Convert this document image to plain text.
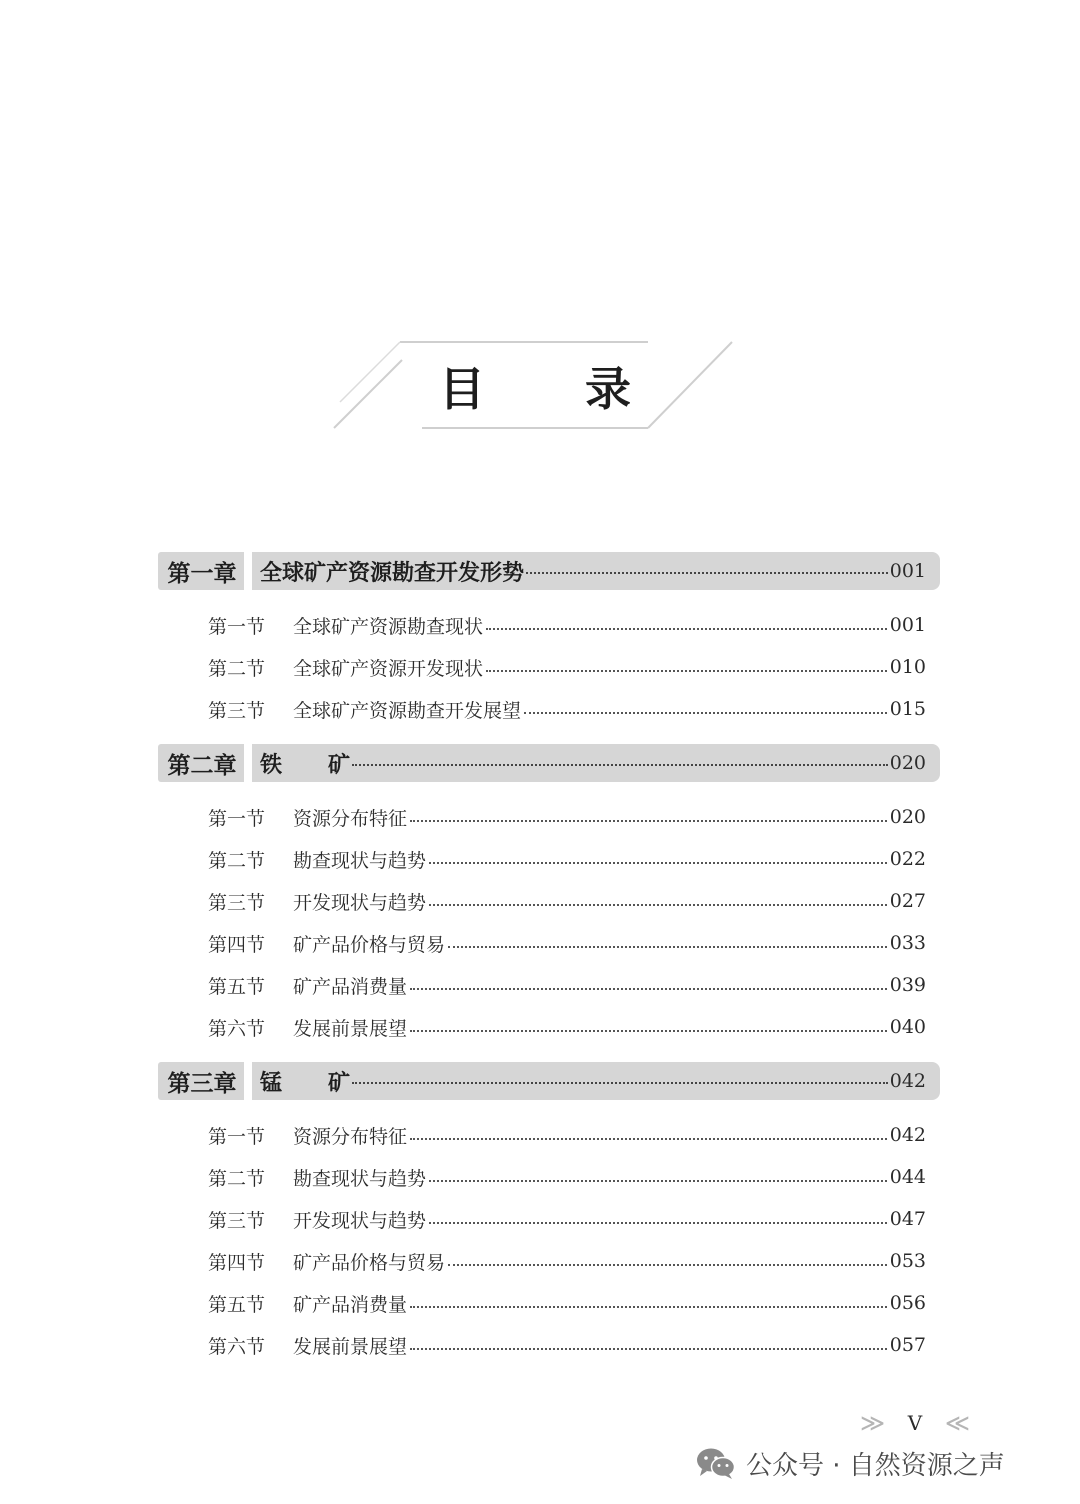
目 录
第一章	全球矿产资源勘查开发形势	001
第一节	全球矿产资源勘查现状	001
第二节	全球矿产资源开发现状	010
第三节	全球矿产资源勘查开发展望	015
第二章	铁 矿	020
第一节	资源分布特征	020
第二节	勘查现状与趋势	022
第三节	开发现状与趋势	027
第四节	矿产品价格与贸易	033
第五节	矿产品消费量	039
第六节	发展前景展望	040
第三章	锰 矿	042
第一节	资源分布特征	042
第二节	勘查现状与趋势	044
第三节	开发现状与趋势	047
第四节	矿产品价格与贸易	053
第五节	矿产品消费量	056
第六节	发展前景展望	057
≫ V ≪
公众号 · 自然资源之声
